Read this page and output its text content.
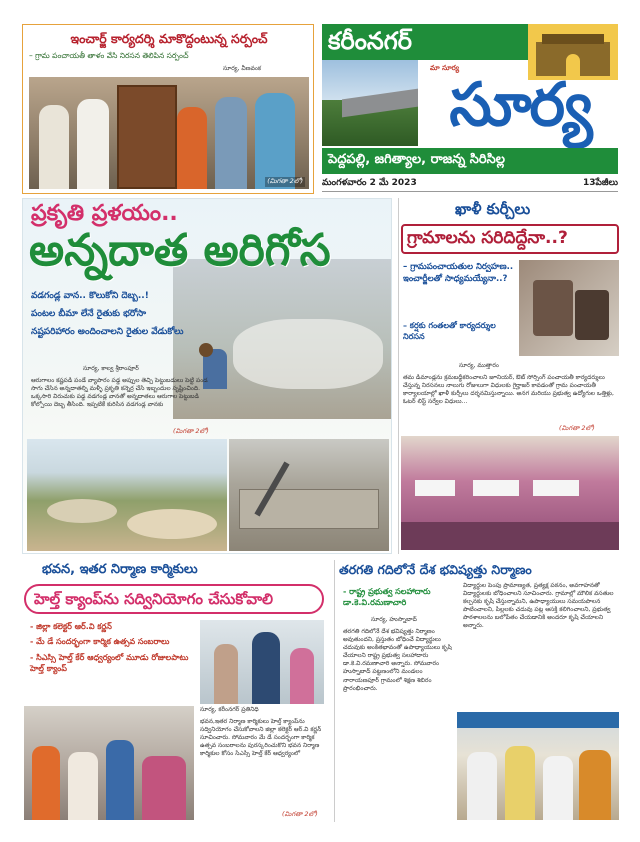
ఇంచార్జ్ కార్యదర్శి మాకొద్దంటున్న సర్పంచ్
– గ్రామ పంచాయతీ తాళం వేసి నిరసన తెలిపిన సర్పంచ్
సూర్య, వీణవంక
(మిగతా 2లో)
కరీంనగర్
మా సూర్య
సూర్య
పెద్దపల్లి, జగిత్యాల, రాజన్న సిరిసిల్ల
మంగళవారం 2 మే 2023	13పేజీలు
ప్రకృతి ప్రళయం..
అన్నదాత అరిగోస
వడగండ్ల వాన.. కొలుకోని దెబ్బ..!
పంటల బీమా లేనే రైతుకు భరోసా
నష్టపరిహారం అందించాలని రైతుల వేడుకోలు
సూర్య, కాల్వ శ్రీరాంపూర్
ఆరుగాలం కష్టపడి పండే వ్యాపారం పడ్డ అప్పుల తెచ్చి పెట్టుబడులు పెట్టి పండ సాగు చేసిన అన్నదాతల్ని మళ్ళీ ప్రకృతి కన్నెర్ర చేసి ఇబ్బందుల సృష్టించింది. ఒక్కసారి విరుచుకు పడ్డ వడగండ్ల వానతో అన్నదాతలు ఆరుగాల పెట్టుబడి కోల్పోయి దెబ్బ తీసింది. ఇప్పటికే కురిసిన వడగండ్ల వానకు
(మిగతా 2లో)
ఖాళీ కుర్చీలు
గ్రామాలను సరిదిద్దేనా..?
– గ్రామపంచాయతుల నిర్వహణ.. ఇంచార్జీలతో సాధ్యమయ్యేనా..?
– కర్షకు గంతలతో కార్యదర్శుల నిరసన
సూర్య, ముత్తారం
తమ డిమాండ్లను క్రమబద్ధీకరించాలని జూనియర్, ఔట్ సోర్సింగ్ పంచాయతీ కార్యదర్శులు చేస్తున్న నిరసనలు నాలుగు రోజులుగా విధులకు గైర్హాజర్ కావడంతో గ్రామ పంచాయతీ కార్యాలయాల్లో ఖాళీ కుర్చీలు దర్శనమిస్తున్నాయి. అనగ మరియు ప్రభుత్వ ఉద్యోగుల ఒత్తిళ్లు, ఓటర్ లిస్ట్ సర్వేల విధులు...
(మిగతా 2లో)
భవన, ఇతర నిర్మాణ కార్మికులు
హెల్త్ క్యాంప్‌ను సద్వినియోగం చేసుకోవాలి
- జిల్లా కలెక్టర్ ఆర్.వి కర్ణన్
- మే డే సందర్భంగా కార్మిక ఉత్సవ సంబరాలు
- సిఎస్సి హెల్త్ కేర్ ఆధ్వర్యంలో మూడు రోజులపాటు హెల్త్ క్యాంప్
సూర్య, కరీంనగర్ ప్రతినిధి
భవన,ఇతర నిర్మాణ కార్మికులు హెల్త్ క్యాంప్‌ను సద్వినియోగం చేసుకోవాలని జిల్లా కలెక్టర్ ఆర్.వి కర్ణన్ సూచించారు. సోమవారం మే డే సందర్భంగా కార్మిక ఉత్సవ సంబరాలను పురస్కరించుకొని భవన నిర్మాణ కార్మికుల కోసం సిఎస్సి హెల్త్ కేర్ ఆధ్వర్యంలో
(మిగతా 2లో)
తరగతి గదిలోనే దేశ భవిష్యత్తు నిర్మాణం
- రాష్ట్ర ప్రభుత్వ సలహాదారు డా.కె.వి.రమణాచారి
సూర్య, హుస్నాబాద్
తరగతి గదిలోనే దేశ భవిష్యత్తు నిర్మాణం అవుతుందని, ప్రస్తుతం బోధించే విద్యార్థులు చదువుకు అంకితభావంతో ఉపాధ్యాయులు కృషి చేయాలని రాష్ట్ర ప్రభుత్వ సలహాదారు డా.కె.వి.రమణాచారి అన్నారు. సోమవారం హుస్నాబాద్ పట్టణంలోని మండలం నారాయణపూర్ గ్రామంలో శిక్షణ శిబిరం ప్రారంభించారు.
విద్యార్థుల పెంపు ప్రామాణ్యత, ప్రత్యక్ష పఠనం, అవగాహనతో విద్యార్థులకు బోధించాలని సూచించారు. గ్రామాల్లో మౌలిక వసతుల కల్పనకు కృషి చేస్తున్నామని, ఉపాధ్యాయులు సమయపాలన పాటించాలని, పిల్లలకు చదువు పట్ల ఆసక్తి కలిగించాలని, ప్రభుత్వ పాఠశాలలను బలోపేతం చేయడానికి అందరూ కృషి చేయాలని అన్నారు.
